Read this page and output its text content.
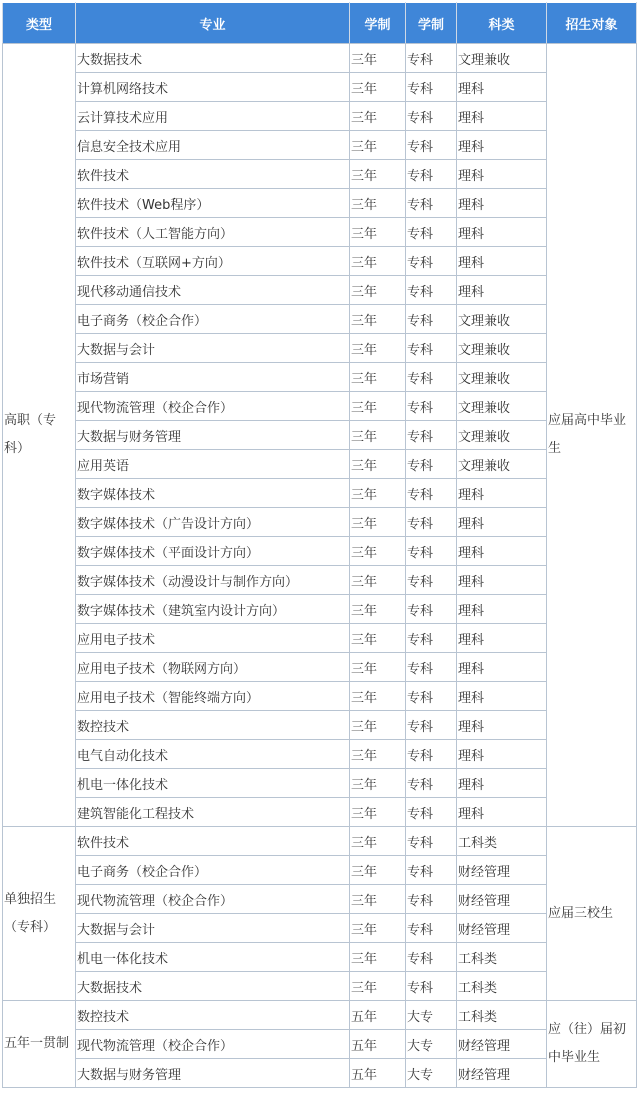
类型	专业	学制	学制	科类	招生对象
高职（专科）	大数据技术	三年	专科	文理兼收	应届高中毕业生
	计算机网络技术	三年	专科	理科	
	云计算技术应用	三年	专科	理科	
	信息安全技术应用	三年	专科	理科	
	软件技术	三年	专科	理科	
	软件技术（Web程序）	三年	专科	理科	
	软件技术（人工智能方向）	三年	专科	理科	
	软件技术（互联网+方向）	三年	专科	理科	
	现代移动通信技术	三年	专科	理科	
	电子商务（校企合作）	三年	专科	文理兼收	
	大数据与会计	三年	专科	文理兼收	
	市场营销	三年	专科	文理兼收	
	现代物流管理（校企合作）	三年	专科	文理兼收	
	大数据与财务管理	三年	专科	文理兼收	
	应用英语	三年	专科	文理兼收	
	数字媒体技术	三年	专科	理科	
	数字媒体技术（广告设计方向）	三年	专科	理科	
	数字媒体技术（平面设计方向）	三年	专科	理科	
	数字媒体技术（动漫设计与制作方向）	三年	专科	理科	
	数字媒体技术（建筑室内设计方向）	三年	专科	理科	
	应用电子技术	三年	专科	理科	
	应用电子技术（物联网方向）	三年	专科	理科	
	应用电子技术（智能终端方向）	三年	专科	理科	
	数控技术	三年	专科	理科	
	电气自动化技术	三年	专科	理科	
	机电一体化技术	三年	专科	理科	
	建筑智能化工程技术	三年	专科	理科	
单独招生（专科）	软件技术	三年	专科	工科类	应届三校生
	电子商务（校企合作）	三年	专科	财经管理	
	现代物流管理（校企合作）	三年	专科	财经管理	
	大数据与会计	三年	专科	财经管理	
	机电一体化技术	三年	专科	工科类	
	大数据技术	三年	专科	工科类	
五年一贯制	数控技术	五年	大专	工科类	应（往）届初中毕业生
	现代物流管理（校企合作）	五年	大专	财经管理	
	大数据与财务管理	五年	大专	财经管理	
